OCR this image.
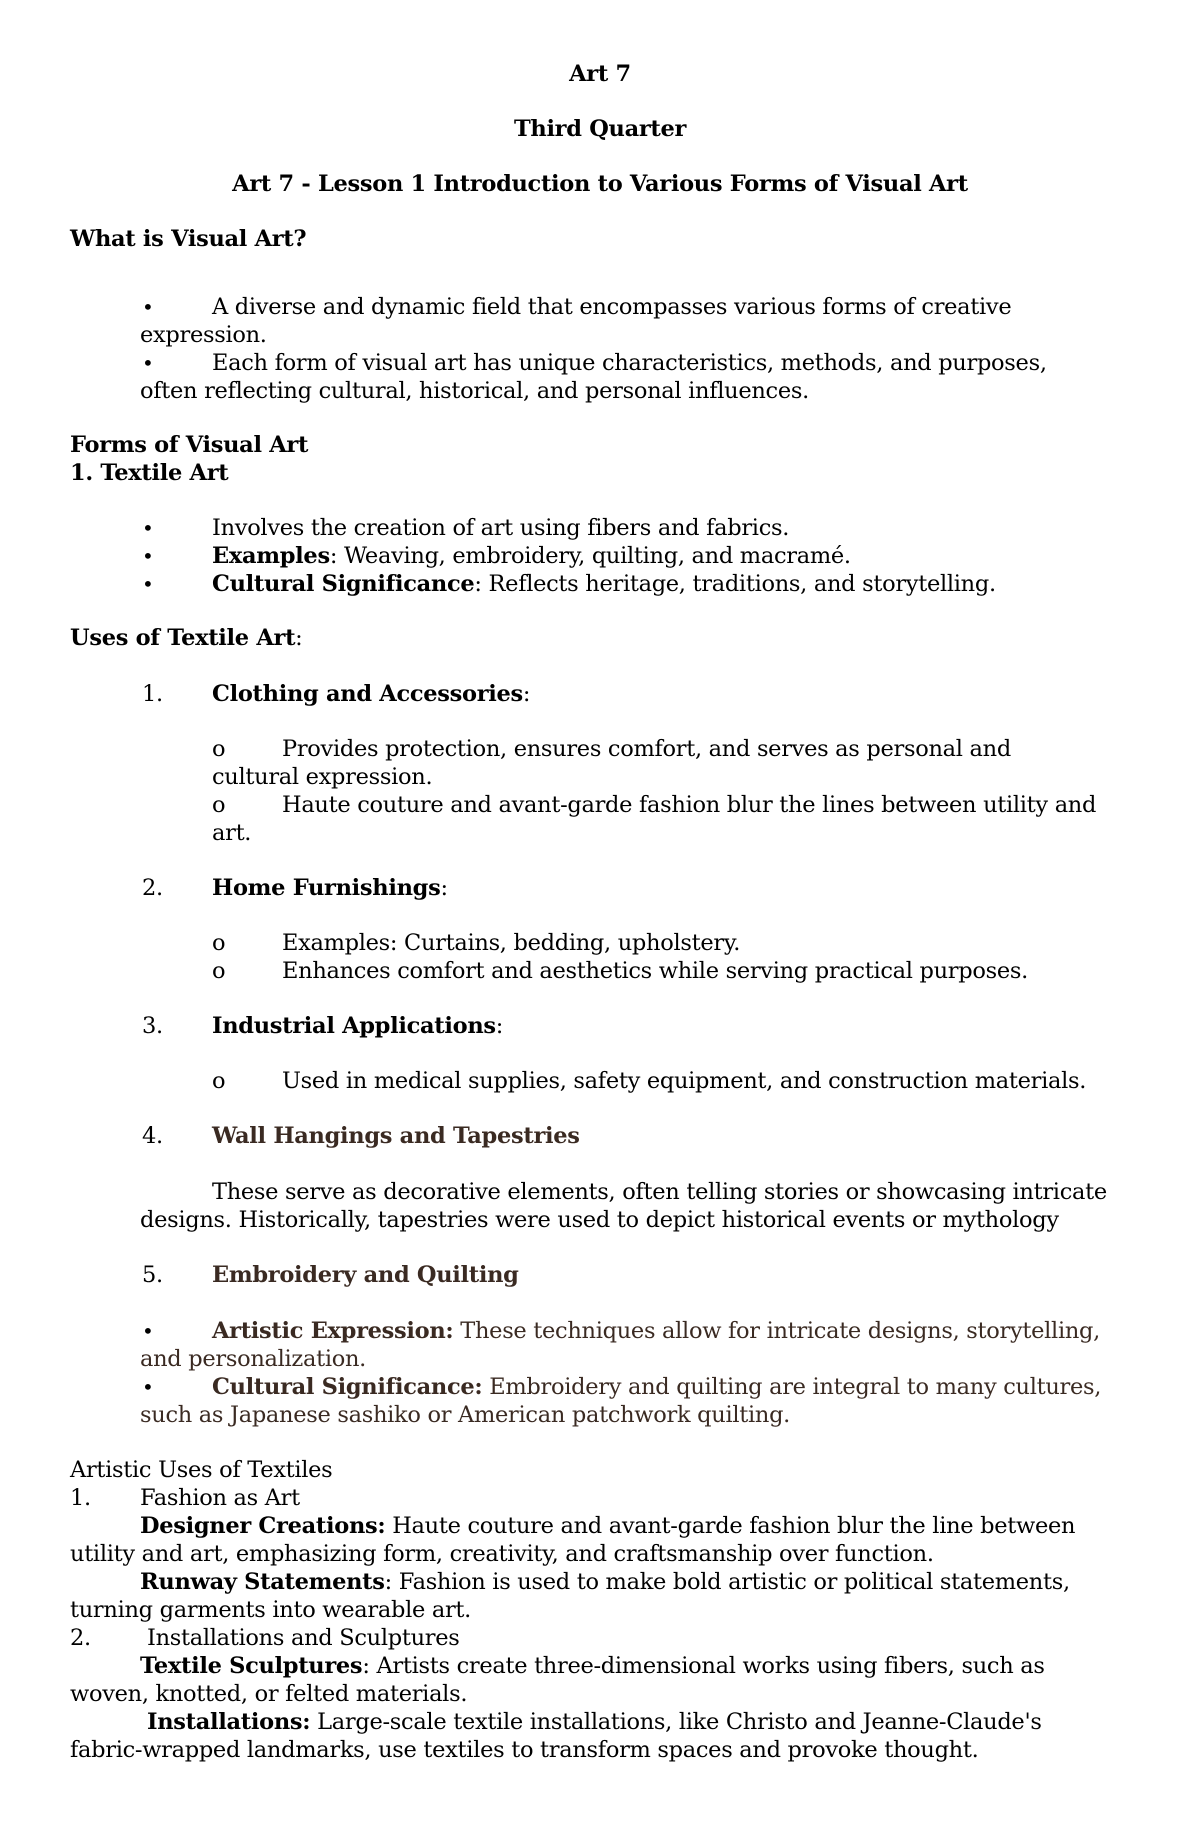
Art 7
Third Quarter
Art 7 - Lesson 1 Introduction to Various Forms of Visual Art
What is Visual Art?
•	A diverse and dynamic field that encompasses various forms of creative
expression.
•	Each form of visual art has unique characteristics, methods, and purposes,
often reflecting cultural, historical, and personal influences.
Forms of Visual Art
1. Textile Art
•	Involves the creation of art using fibers and fabrics.
•	Examples: Weaving, embroidery, quilting, and macramé.
•	Cultural Significance: Reflects heritage, traditions, and storytelling.
Uses of Textile Art:
1. Clothing and Accessories:
o	Provides protection, ensures comfort, and serves as personal and
cultural expression.
o	Haute couture and avant-garde fashion blur the lines between utility and
art.
2. Home Furnishings:
o	Examples: Curtains, bedding, upholstery.
o	Enhances comfort and aesthetics while serving practical purposes.
3. Industrial Applications:
o	Used in medical supplies, safety equipment, and construction materials.
4. Wall Hangings and Tapestries
These serve as decorative elements, often telling stories or showcasing intricate
designs. Historically, tapestries were used to depict historical events or mythology
5. Embroidery and Quilting
•	Artistic Expression: These techniques allow for intricate designs, storytelling,
and personalization.
•	Cultural Significance: Embroidery and quilting are integral to many cultures,
such as Japanese sashiko or American patchwork quilting.
Artistic Uses of Textiles
1. Fashion as Art
Designer Creations: Haute couture and avant-garde fashion blur the line between
utility and art, emphasizing form, creativity, and craftsmanship over function.
Runway Statements: Fashion is used to make bold artistic or political statements,
turning garments into wearable art.
2. Installations and Sculptures
Textile Sculptures: Artists create three-dimensional works using fibers, such as
woven, knotted, or felted materials.
Installations: Large-scale textile installations, like Christo and Jeanne-Claude's
fabric-wrapped landmarks, use textiles to transform spaces and provoke thought.
